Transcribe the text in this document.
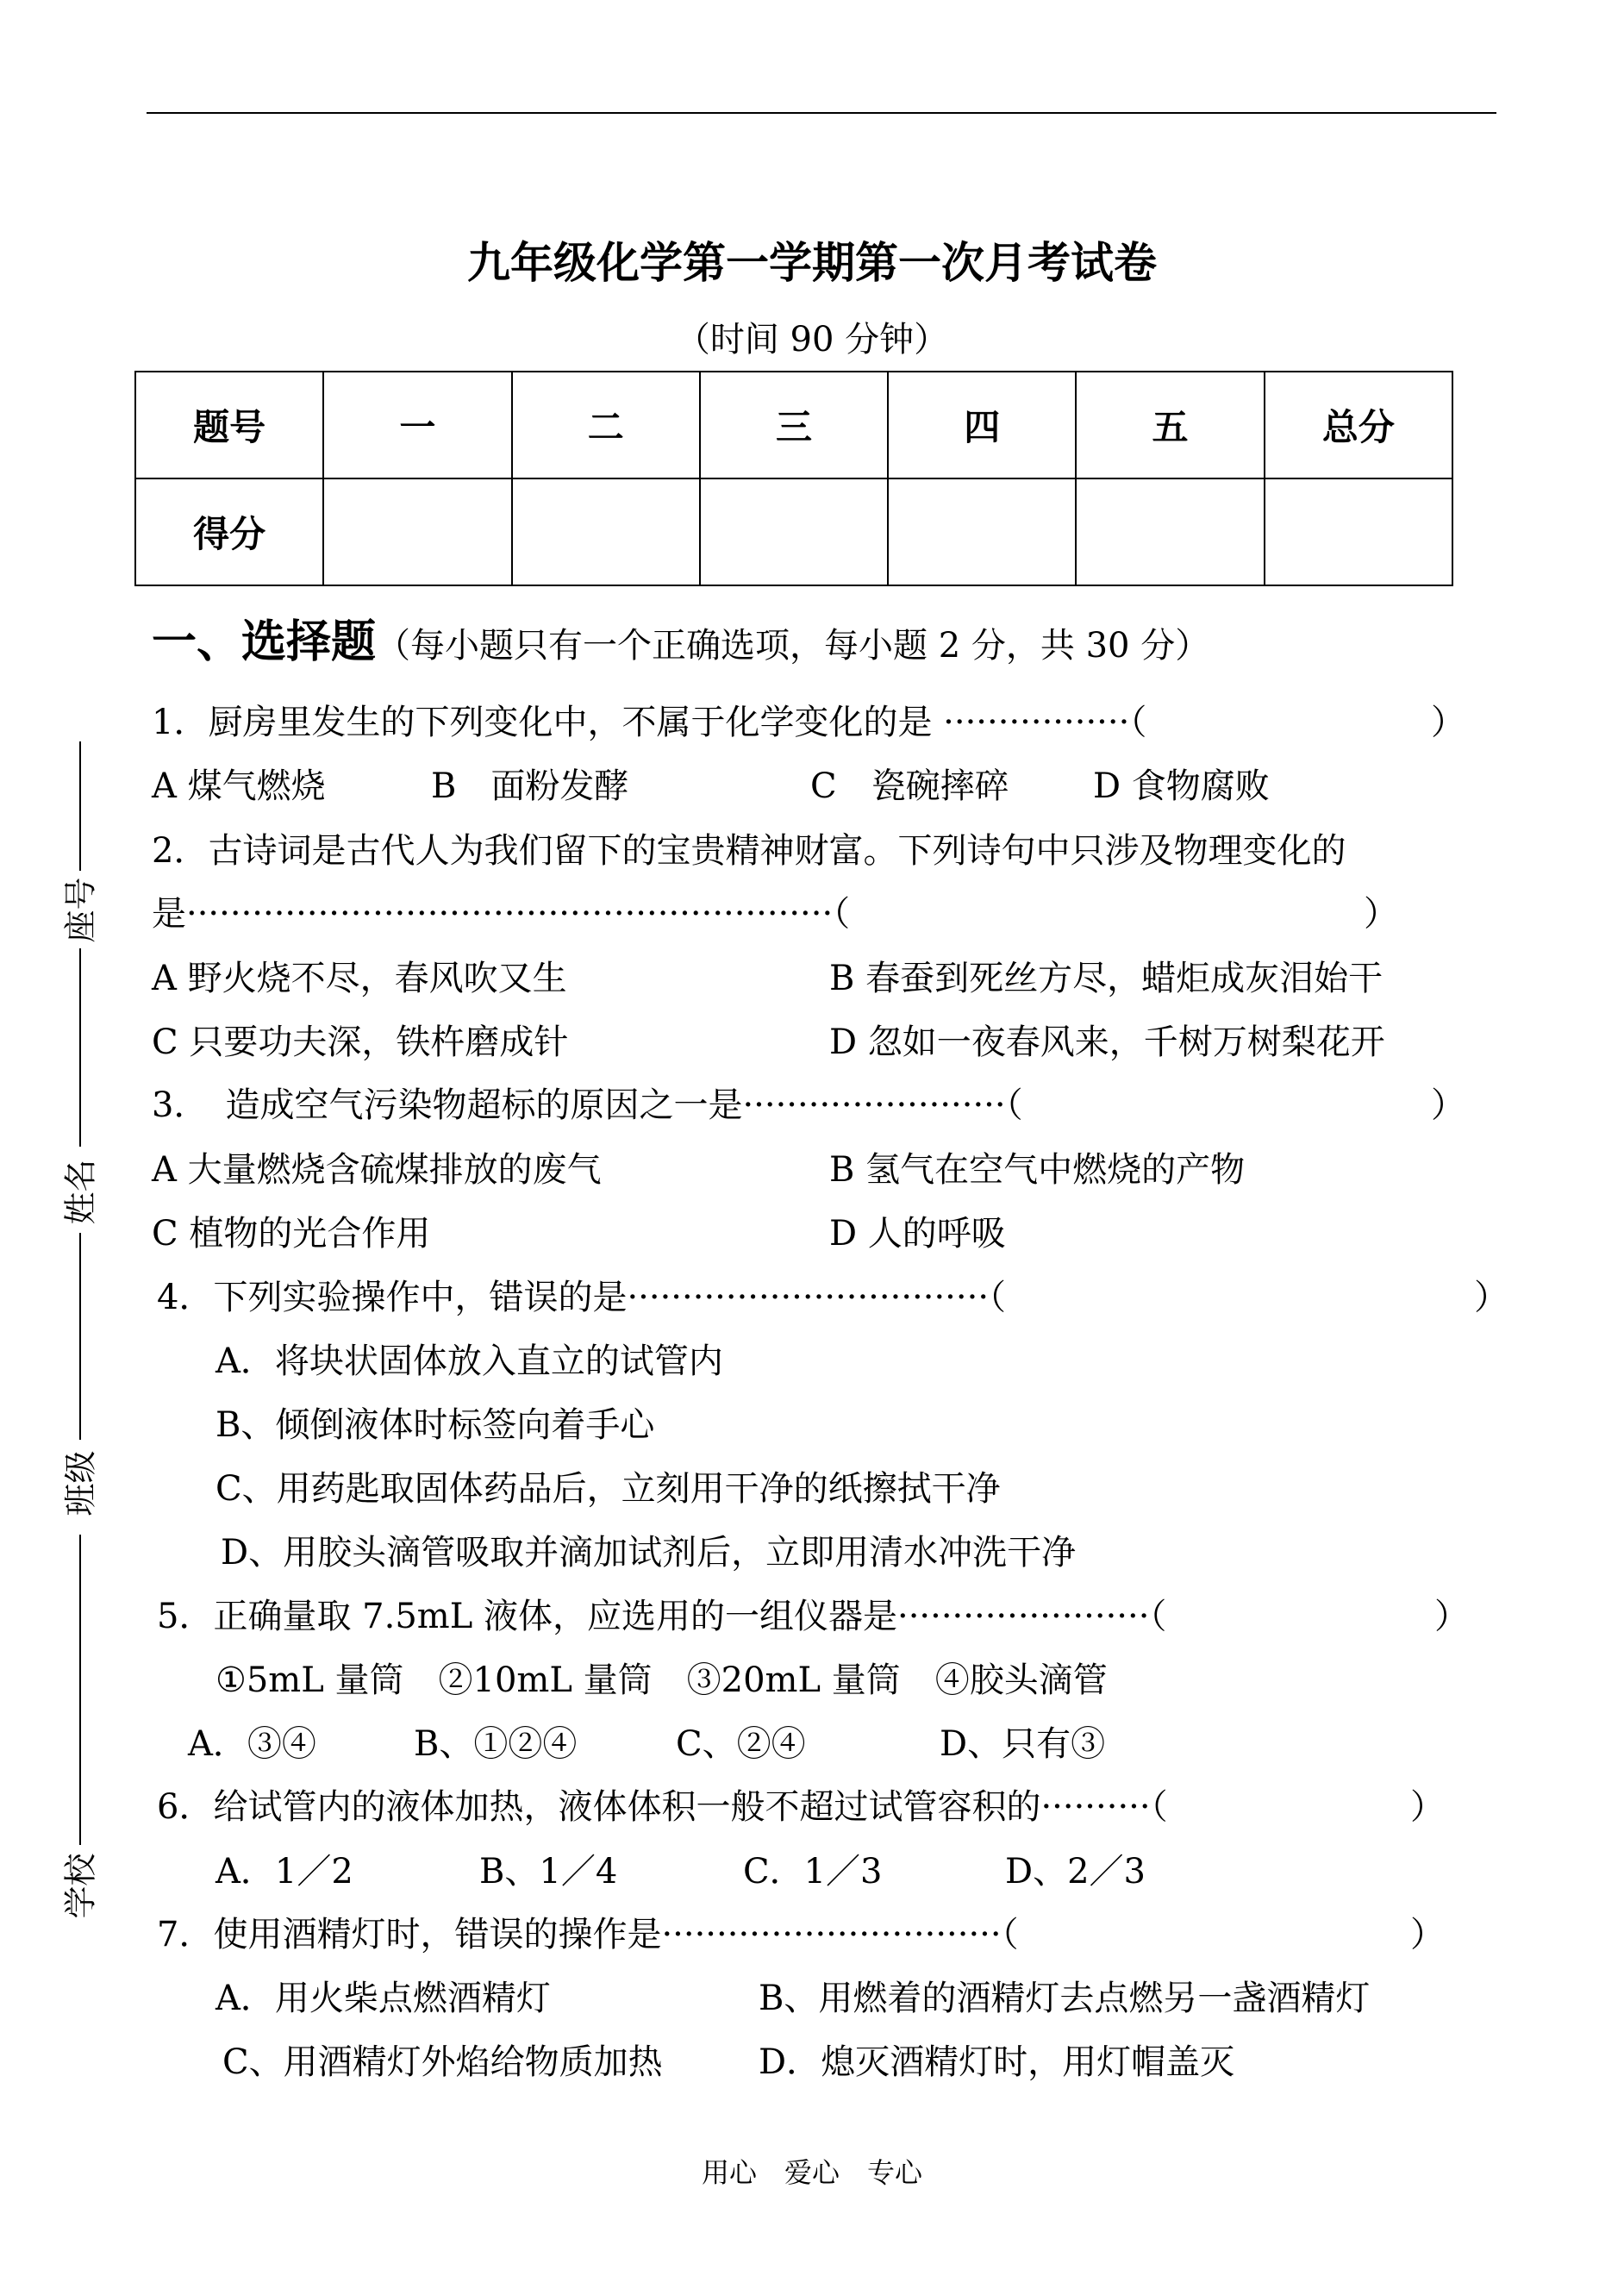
九年级化学第一学期第一次月考试卷
（时间 90 分钟）
题号	一	二	三	四	五	总分
得分						
座号
姓名
班级
学校
一、选择题（每小题只有一个正确选项，每小题 2 分，共 30 分）
1．厨房里发生的下列变化中，不属于化学变化的是 ·················（	）
A 煤气燃烧	B　面粉发酵	C　瓷碗摔碎 D 食物腐败
2．古诗词是古代人为我们留下的宝贵精神财富。下列诗句中只涉及物理变化的
是···························································（	）
A 野火烧不尽，春风吹又生	B 春蚕到死丝方尽，蜡炬成灰泪始干
C 只要功夫深，铁杵磨成针	D 忽如一夜春风来，千树万树梨花开
3．　造成空气污染物超标的原因之一是························（	）
A 大量燃烧含硫煤排放的废气	B 氢气在空气中燃烧的产物
C 植物的光合作用	D 人的呼吸
4．下列实验操作中，错误的是·································（	）
A．将块状固体放入直立的试管内
B、倾倒液体时标签向着手心
C、用药匙取固体药品后，立刻用干净的纸擦拭干净
D、用胶头滴管吸取并滴加试剂后，立即用清水冲洗干净
5．正确量取 7.5mL 液体，应选用的一组仪器是·······················（	）
①5mL 量筒　②10mL 量筒　③20mL 量筒　④胶头滴管
A．③④	B、①②④	C、②④	D、只有③
6．给试管内的液体加热，液体体积一般不超过试管容积的··········（	）
A．1／2	B、1／4	C．1／3	D、2／3
7．使用酒精灯时，错误的操作是·······························（	）
A．用火柴点燃酒精灯	B、用燃着的酒精灯去点燃另一盏酒精灯
C、用酒精灯外焰给物质加热	D．熄灭酒精灯时，用灯帽盖灭
用心　爱心　专心
